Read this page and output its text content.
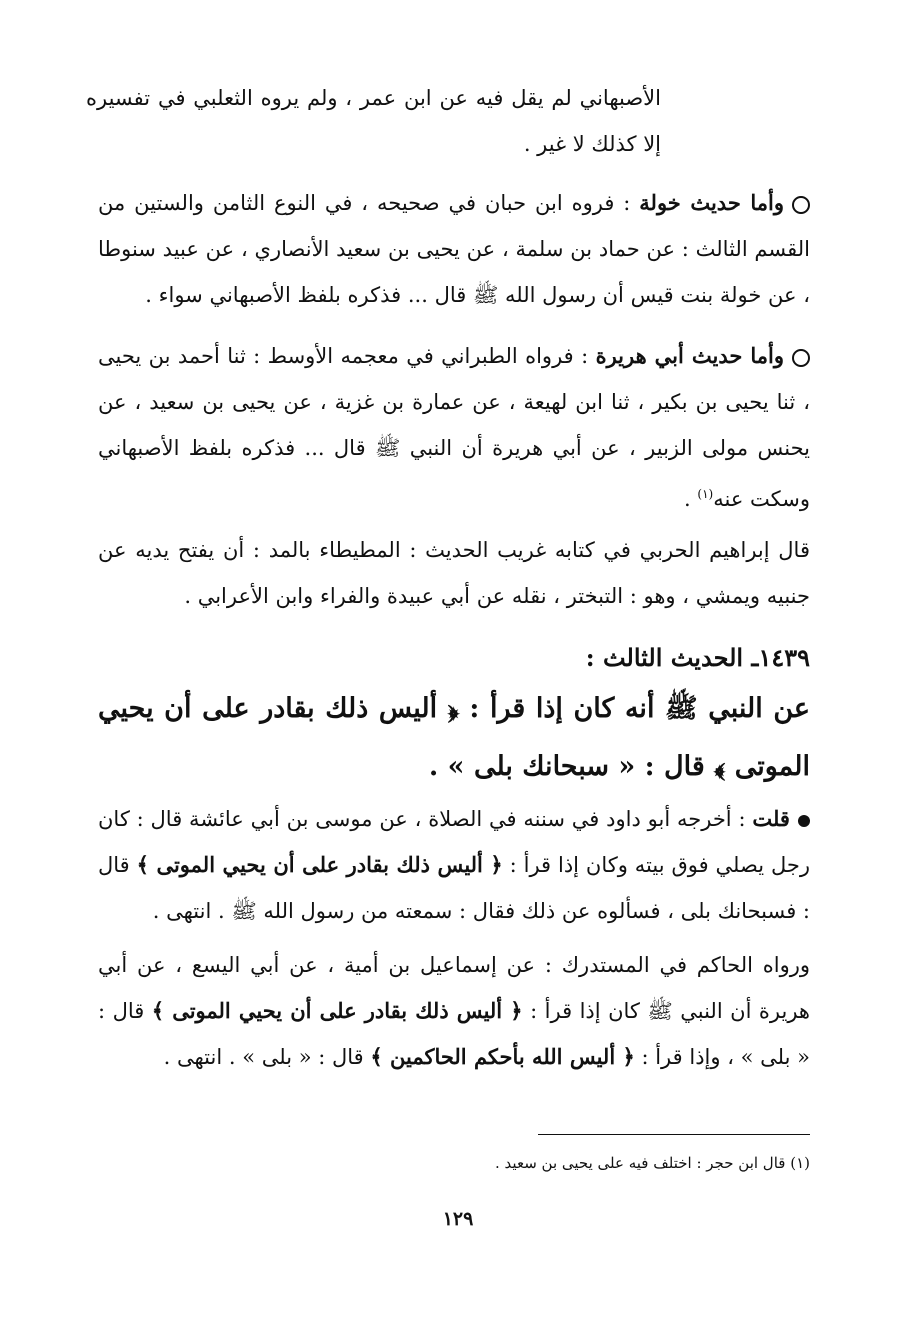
الأصبهاني لم يقل فيه عن ابن عمر ، ولم يروه الثعلبي في تفسيره إلا كذلك لا غير .

وأما حديث خولة : فروه ابن حبان في صحيحه ، في النوع الثامن والستين من القسم الثالث : عن حماد بن سلمة ، عن يحيى بن سعيد الأنصاري ، عن عبيد سنوطا ، عن خولة بنت قيس أن رسول الله ﷺ قال ... فذكره بلفظ الأصبهاني سواء .

وأما حديث أبي هريرة : فرواه الطبراني في معجمه الأوسط : ثنا أحمد بن يحيى ، ثنا يحيى بن بكير ، ثنا ابن لهيعة ، عن عمارة بن غزية ، عن يحيى بن سعيد ، عن يحنس مولى الزبير ، عن أبي هريرة أن النبي ﷺ قال ... فذكره بلفظ الأصبهاني وسكت عنه$^{(١)}$ .

قال إبراهيم الحربي في كتابه غريب الحديث : المطيطاء بالمد : أن يفتح يديه عن جنبيه ويمشي ، وهو : التبختر ، نقله عن أبي عبيدة والفراء وابن الأعرابي .

١٤٣٩ـ الحديث الثالث :

عن النبي ﷺ أنه كان إذا قرأ : ﴿ أليس ذلك بقادر على أن يحيي الموتى ﴾ قال : « سبحانك بلى » .

قلت : أخرجه أبو داود في سننه في الصلاة ، عن موسى بن أبي عائشة قال : كان رجل يصلي فوق بيته وكان إذا قرأ : ﴿ أليس ذلك بقادر على أن يحيي الموتى ﴾ قال : فسبحانك بلى ، فسألوه عن ذلك فقال : سمعته من رسول الله ﷺ . انتهى .

ورواه الحاكم في المستدرك : عن إسماعيل بن أمية ، عن أبي اليسع ، عن أبي هريرة أن النبي ﷺ كان إذا قرأ : ﴿ أليس ذلك بقادر على أن يحيي الموتى ﴾ قال : « بلى » ، وإذا قرأ : ﴿ أليس الله بأحكم الحاكمين ﴾ قال : « بلى » . انتهى .

(١) قال ابن حجر : اختلف فيه على يحيى بن سعيد .
١٢٩
